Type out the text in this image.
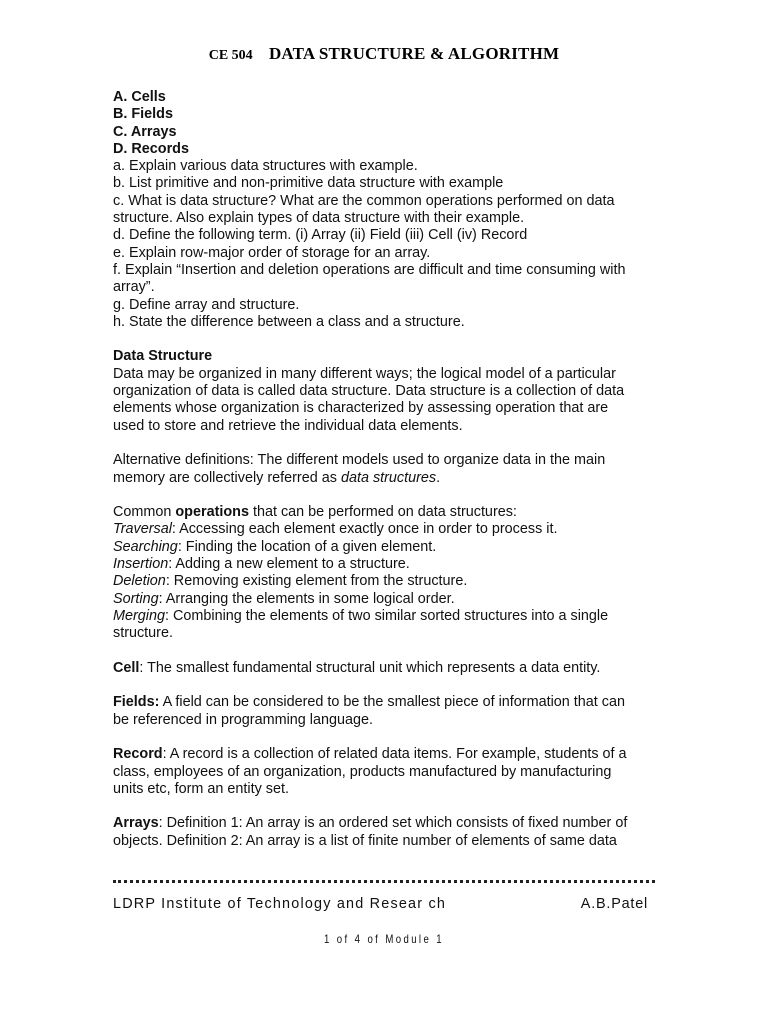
CE 504 DATA STRUCTURE & ALGORITHM
A. Cells
B. Fields
C. Arrays
D. Records
a. Explain various data structures with example.
b. List primitive and non-primitive data structure with example
c. What is data structure? What are the common operations performed on data
structure. Also explain types of data structure with their example.
d. Define the following term. (i) Array (ii) Field (iii) Cell (iv) Record
e. Explain row-major order of storage for an array.
f. Explain “Insertion and deletion operations are difficult and time consuming with
array”.
g. Define array and structure.
h. State the difference between a class and a structure.
Data Structure
Data may be organized in many different ways; the logical model of a particular
organization of data is called data structure. Data structure is a collection of data
elements whose organization is characterized by assessing operation that are
used to store and retrieve the individual data elements.
Alternative definitions: The different models used to organize data in the main
memory are collectively referred as data structures.
Common operations that can be performed on data structures:
Traversal: Accessing each element exactly once in order to process it.
Searching: Finding the location of a given element.
Insertion: Adding a new element to a structure.
Deletion: Removing existing element from the structure.
Sorting: Arranging the elements in some logical order.
Merging: Combining the elements of two similar sorted structures into a single
structure.
Cell: The smallest fundamental structural unit which represents a data entity.
Fields: A field can be considered to be the smallest piece of information that can
be referenced in programming language.
Record: A record is a collection of related data items. For example, students of a
class, employees of an organization, products manufactured by manufacturing
units etc, form an entity set.
Arrays: Definition 1: An array is an ordered set which consists of fixed number of
objects. Definition 2: An array is a list of finite number of elements of same data
LDRP Institute of Technology and Resear ch	A.B.Patel
1 of 4 of Module 1
